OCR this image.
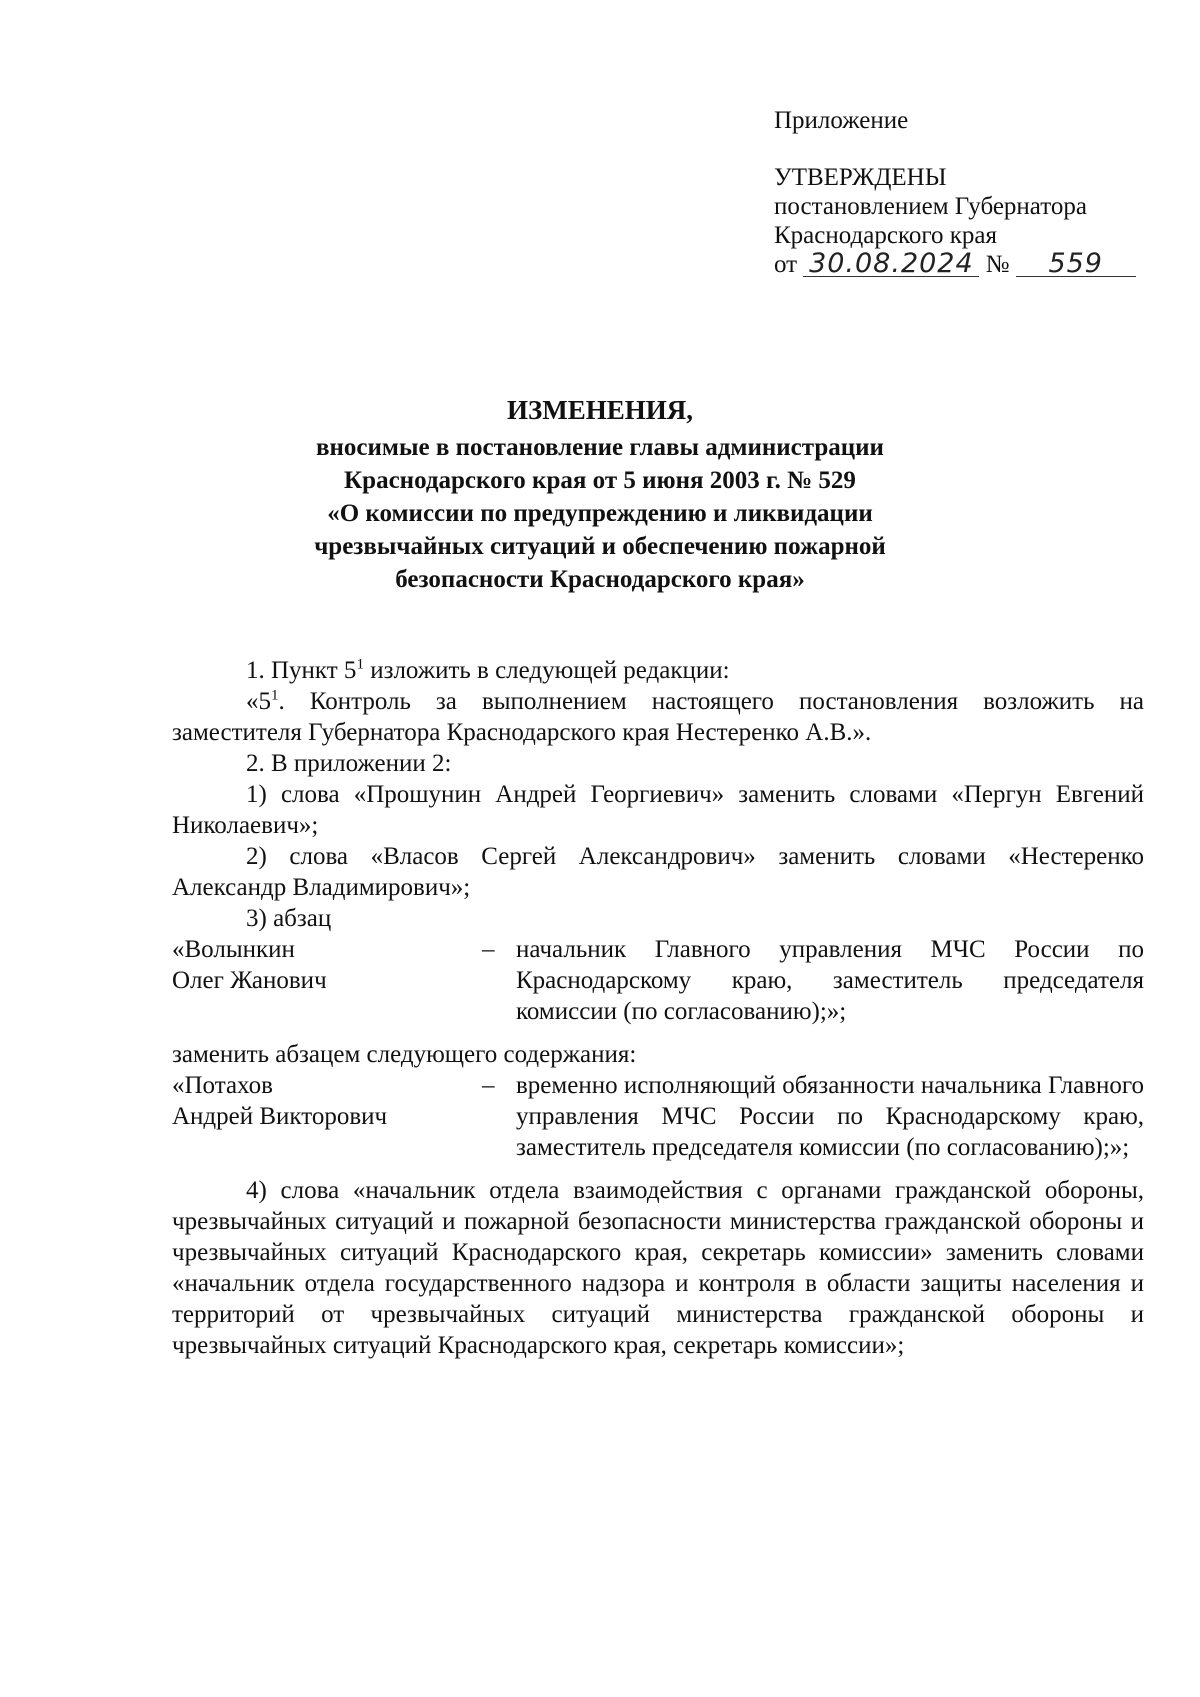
Приложение
УТВЕРЖДЕНЫ
постановлением Губернатора
Краснодарского края
от 30.08.2024 № 559
ИЗМЕНЕНИЯ,
вносимые в постановление главы администрации
Краснодарского края от 5 июня 2003 г. № 529
«О комиссии по предупреждению и ликвидации
чрезвычайных ситуаций и обеспечению пожарной
безопасности Краснодарского края»

1. Пункт $5^1$ изложить в следующей редакции:

«$5^1$. Контроль за выполнением настоящего постановления возложить на заместителя Губернатора Краснодарского края Нестеренко А.В.».

2. В приложении 2:

1) слова «Прошунин Андрей Георгиевич» заменить словами «Пергун Евгений Николаевич»;

2) слова «Власов Сергей Александрович» заменить словами «Нестеренко Александр Владимирович»;

3) абзац

«Волынкин
Олег Жанович
– начальник Главного управления МЧС России по Краснодарскому краю, заместитель председателя комиссии (по согласованию);»;

заменить абзацем следующего содержания:

«Потахов
Андрей Викторович
– временно исполняющий обязанности начальника Главного управления МЧС России по Краснодарскому краю, заместитель председателя комиссии (по согласованию);»;

4) слова «начальник отдела взаимодействия с органами гражданской обороны, чрезвычайных ситуаций и пожарной безопасности министерства гражданской обороны и чрезвычайных ситуаций Краснодарского края, секретарь комиссии» заменить словами «начальник отдела государственного надзора и контроля в области защиты населения и территорий от чрезвычайных ситуаций министерства гражданской обороны и чрезвычайных ситуаций Краснодарского края, секретарь комиссии»;
